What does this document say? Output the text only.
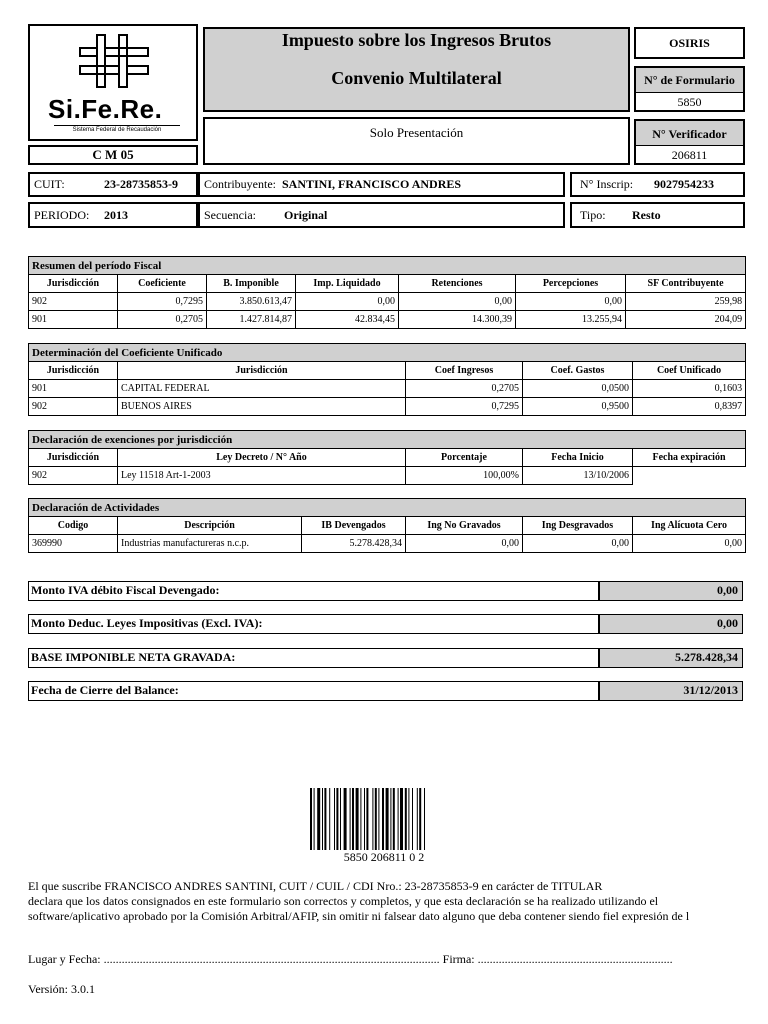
Si.Fe.Re.
Sistema Federal de Recaudación
C M 05
Impuesto sobre los Ingresos Brutos
Convenio Multilateral
Solo Presentación
OSIRIS
N° de Formulario
5850
N° Verificador
206811
CUIT:	23-28735853-9 Contribuyente: SANTINI, FRANCISCO ANDRES	N° Inscrip: 9027954233
PERIODO: 2013	Secuencia: Original	Tipo: Resto
Resumen del período Fiscal						
Jurisdicción	Coeficiente	B. Imponible	Imp. Liquidado	Retenciones	Percepciones	SF Contribuyente
902	0,7295	3.850.613,47	0,00	0,00	0,00	259,98
901	0,2705	1.427.814,87	42.834,45	14.300,39	13.255,94	204,09
Determinación del Coeficiente Unificado				
Jurisdicción	Jurisdicción	Coef Ingresos	Coef. Gastos	Coef Unificado
901	CAPITAL FEDERAL	0,2705	0,0500	0,1603
902	BUENOS AIRES	0,7295	0,9500	0,8397
Declaración de exenciones por jurisdicción				
Jurisdicción	Ley Decreto / N° Año	Porcentaje	Fecha Inicio	Fecha expiración
902	Ley 11518 Art-1-2003	100,00%	13/10/2006	
Declaración de Actividades					
Codigo	Descripción	IB Devengados	Ing No Gravados	Ing Desgravados	Ing Alícuota Cero
369990	Industrias manufactureras n.c.p.	5.278.428,34	0,00	0,00	0,00
Monto IVA débito Fiscal Devengado:	0,00
Monto Deduc. Leyes Impositivas (Excl. IVA):	0,00
BASE IMPONIBLE NETA GRAVADA:	5.278.428,34
Fecha de Cierre del Balance:	31/12/2013
5850 206811 0 2
El que suscribe FRANCISCO ANDRES SANTINI, CUIT / CUIL / CDI Nro.: 23-28735853-9 en carácter de TITULAR
declara que los datos consignados en este formulario son correctos y completos, y que esta declaración se ha realizado utilizando el
software/aplicativo aprobado por la Comisión Arbitral/AFIP, sin omitir ni falsear dato alguno que deba contener siendo fiel expresión de l
Lugar y Fecha: ................................................................................................................ Firma: .................................................................
Versión: 3.0.1
